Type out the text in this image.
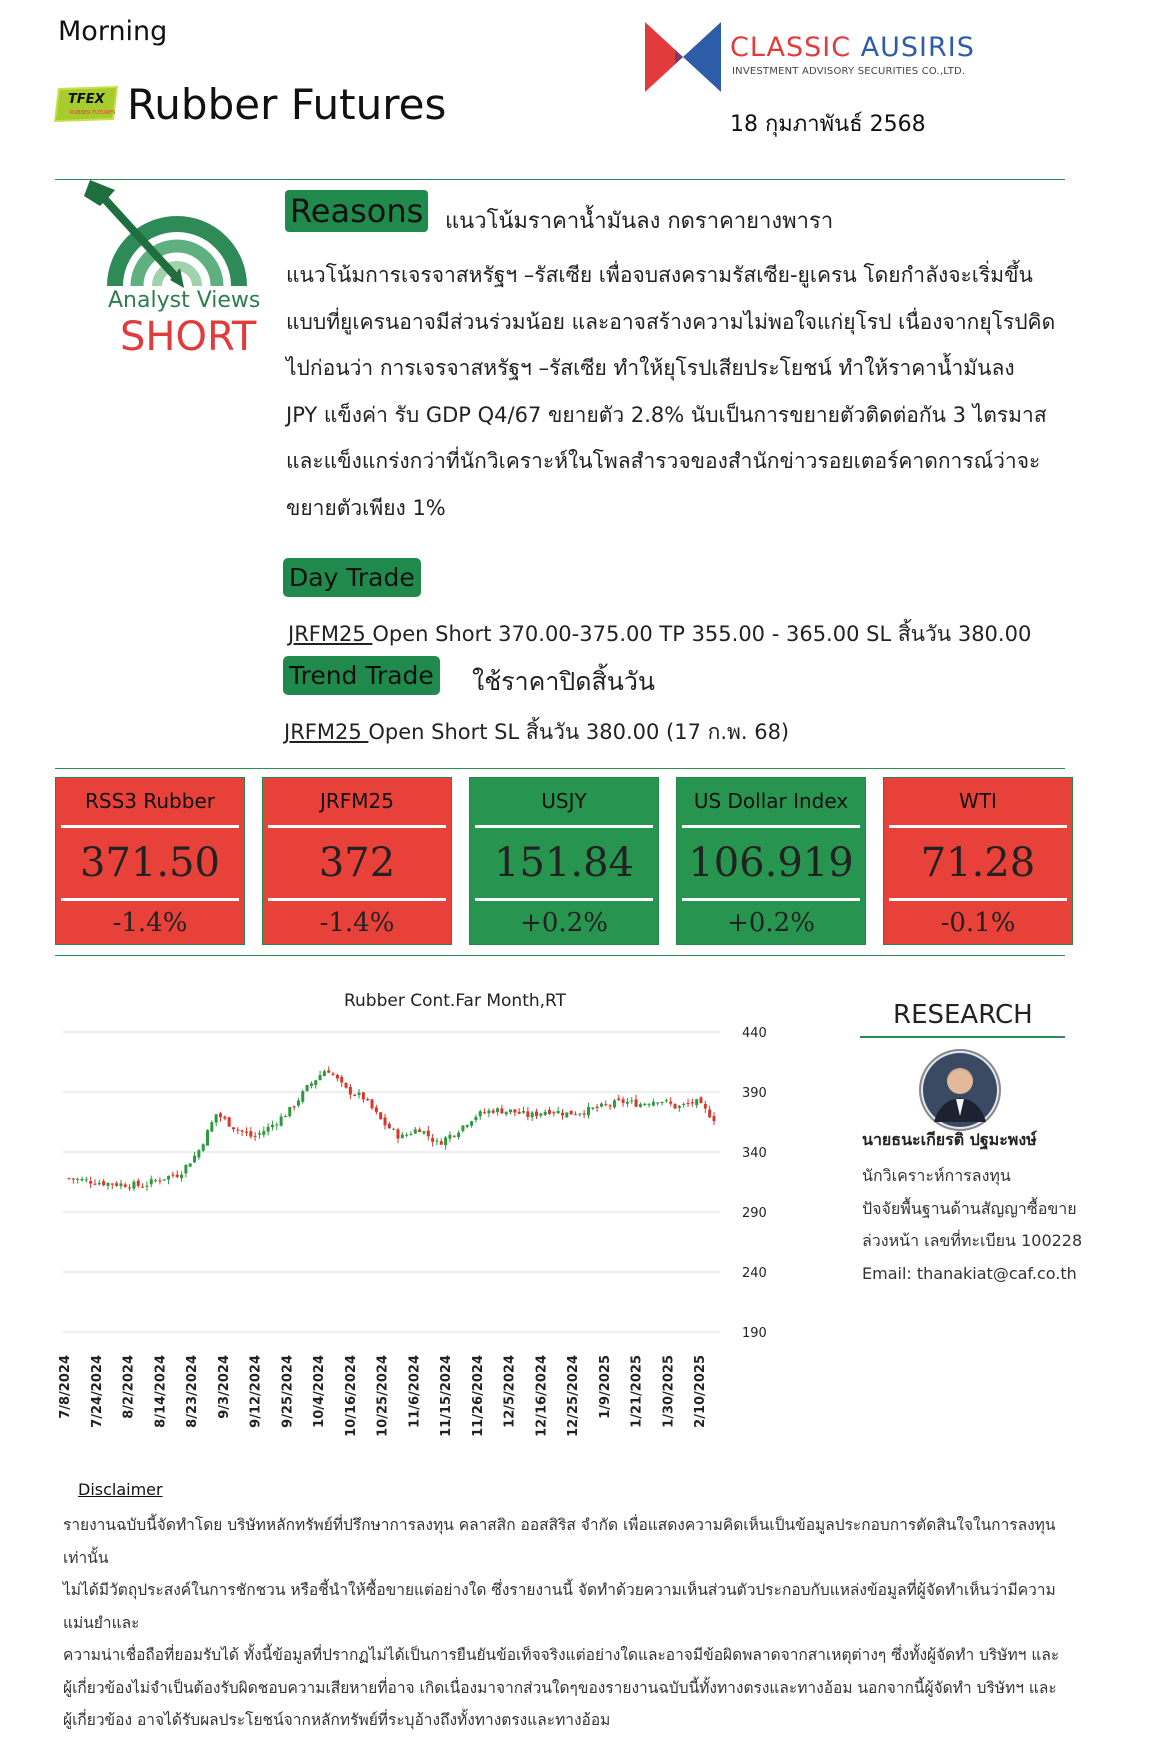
Morning
TFEX
RUBBER FUTURES Rubber Futures
CLASSIC AUSIRIS
INVESTMENT ADVISORY SECURITIES CO.,LTD.
18 กุมภาพันธ์ 2568
Analyst Views
SHORT
Reasons แนวโน้มราคาน้ำมันลง กดราคายางพารา
แนวโน้มการเจรจาสหรัฐฯ –รัสเซีย เพื่อจบสงครามรัสเซีย-ยูเครน โดยกำลังจะเริ่มขึ้น
แบบที่ยูเครนอาจมีส่วนร่วมน้อย และอาจสร้างความไม่พอใจแก่ยุโรป เนื่องจากยุโรปคิด
ไปก่อนว่า การเจรจาสหรัฐฯ –รัสเซีย ทำให้ยุโรปเสียประโยชน์ ทำให้ราคาน้ำมันลง
JPY แข็งค่า รับ GDP Q4/67 ขยายตัว 2.8% นับเป็นการขยายตัวติดต่อกัน 3 ไตรมาส
และแข็งแกร่งกว่าที่นักวิเคราะห์ในโพลสำรวจของสำนักข่าวรอยเตอร์คาดการณ์ว่าจะ
ขยายตัวเพียง 1%
Day Trade
JRFM25 Open Short 370.00-375.00 TP 355.00 - 365.00 SL สิ้นวัน 380.00
Trend Trade ใช้ราคาปิดสิ้นวัน
JRFM25 Open Short SL สิ้นวัน 380.00 (17 ก.พ. 68)
RSS3 Rubber
371.50
-1.4%
JRFM25
372
-1.4%
USJY
151.84
+0.2%
US Dollar Index
106.919
+0.2%
WTI
71.28
-0.1%
Rubber Cont.Far Month,RT
440
390
340
290
240
190
7/8/2024 7/24/2024 8/2/2024 8/14/2024 8/23/2024 9/3/2024 9/12/2024 9/25/2024 10/4/2024 10/16/2024 10/25/2024 11/6/2024 11/15/2024 11/26/2024 12/5/2024 12/16/2024 12/25/2024 1/9/2025 1/21/2025 1/30/2025 2/10/2025
RESEARCH
นายธนะเกียรติ ปฐมะพงษ์
นักวิเคราะห์การลงทุน
ปัจจัยพื้นฐานด้านสัญญาซื้อขาย
ล่วงหน้า เลขที่ทะเบียน 100228
Email: thanakiat@caf.co.th
Disclaimer
รายงานฉบับนี้จัดทำโดย บริษัทหลักทรัพย์ที่ปรึกษาการลงทุน คลาสสิก ออสสิริส จำกัด เพื่อแสดงความคิดเห็นเป็นข้อมูลประกอบการตัดสินใจในการลงทุนเท่านั้น
ไม่ได้มีวัตถุประสงค์ในการชักชวน หรือชี้นำให้ซื้อขายแต่อย่างใด ซึ่งรายงานนี้ จัดทำด้วยความเห็นส่วนตัวประกอบกับแหล่งข้อมูลที่ผู้จัดทำเห็นว่ามีความแม่นยำและ
ความน่าเชื่อถือที่ยอมรับได้ ทั้งนี้ข้อมูลที่ปรากฏไม่ได้เป็นการยืนยันข้อเท็จจริงแต่อย่างใดและอาจมีข้อผิดพลาดจากสาเหตุต่างๆ ซึ่งทั้งผู้จัดทำ บริษัทฯ และ
ผู้เกี่ยวข้องไม่จำเป็นต้องรับผิดชอบความเสียหายที่อาจ เกิดเนื่องมาจากส่วนใดๆของรายงานฉบับนี้ทั้งทางตรงและทางอ้อม นอกจากนี้ผู้จัดทำ บริษัทฯ และ
ผู้เกี่ยวข้อง อาจได้รับผลประโยชน์จากหลักทรัพย์ที่ระบุอ้างถึงทั้งทางตรงและทางอ้อม
